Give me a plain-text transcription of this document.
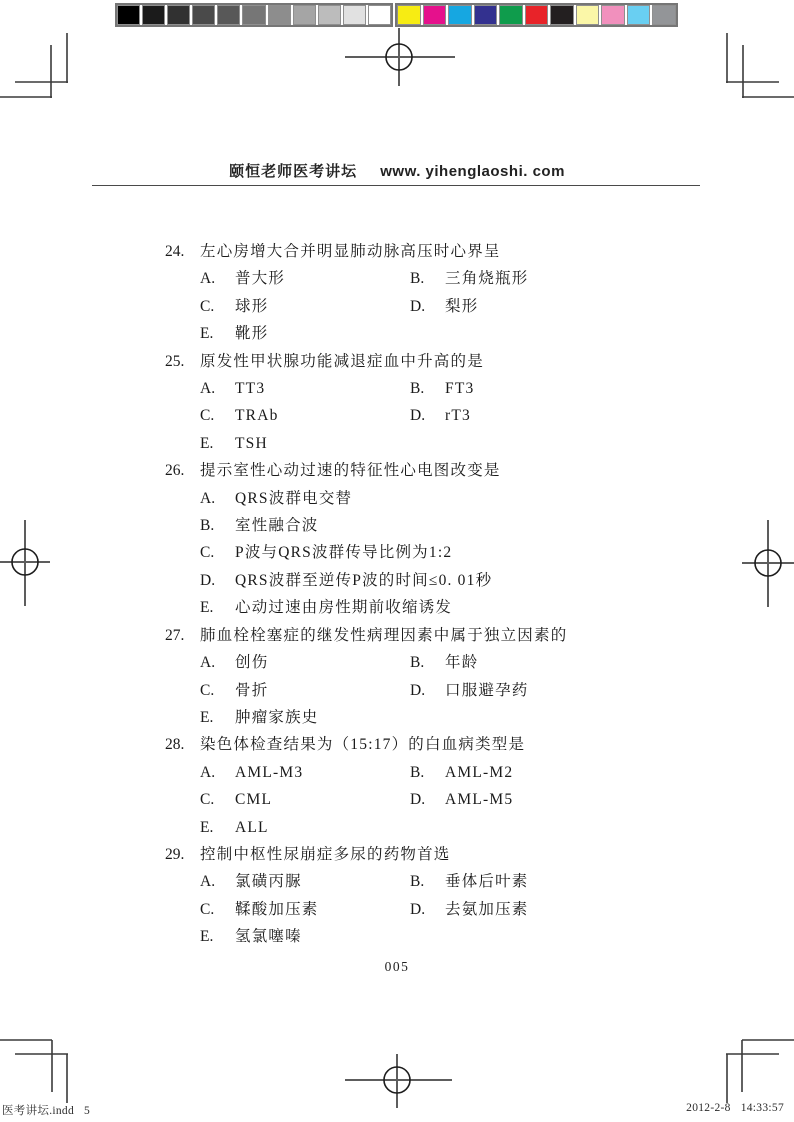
颐恒老师医考讲坛 www. yihenglaoshi. com
24. 左心房增大合并明显肺动脉高压时心界呈
A. 普大形	B. 三角烧瓶形
C. 球形	D. 梨形
E. 靴形
25. 原发性甲状腺功能减退症血中升高的是
A. TT3	B. FT3
C. TRAb	D. rT3
E. TSH
26. 提示室性心动过速的特征性心电图改变是
A. QRS波群电交替
B. 室性融合波
C. P波与QRS波群传导比例为1:2
D. QRS波群至逆传P波的时间≤0. 01秒
E. 心动过速由房性期前收缩诱发
27. 肺血栓栓塞症的继发性病理因素中属于独立因素的
A. 创伤	B. 年龄
C. 骨折	D. 口服避孕药
E. 肿瘤家族史
28. 染色体检查结果为（15:17）的白血病类型是
A. AML-M3	B. AML-M2
C. CML	D. AML-M5
E. ALL
29. 控制中枢性尿崩症多尿的药物首选
A. 氯磺丙脲	B. 垂体后叶素
C. 鞣酸加压素	D. 去氨加压素
E. 氢氯噻嗪
005
医考讲坛.indd 5	2012-2-8 14:33:57
